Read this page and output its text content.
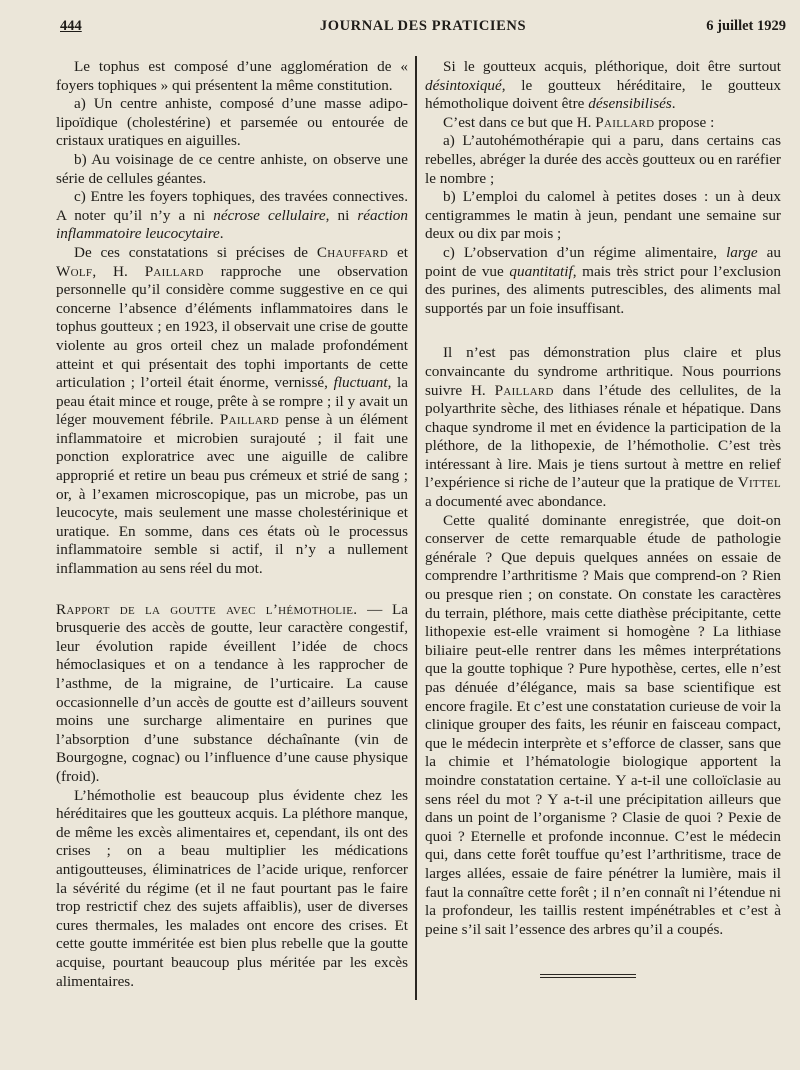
444	JOURNAL DES PRATICIENS	6 juillet 1929

Le tophus est composé d’une agglomération de « foyers tophiques » qui présentent la même constitution.

a) Un centre anhiste, composé d’une masse adipo-lipoïdique (cholestérine) et parsemée ou entourée de cristaux uratiques en aiguilles.

b) Au voisinage de ce centre anhiste, on observe une série de cellules géantes.

c) Entre les foyers tophiques, des travées connectives. A noter qu’il n’y a ni nécrose cellulaire, ni réaction inflammatoire leucocytaire.

De ces constatations si précises de Chauffard et Wolf, H. Paillard rapproche une observation personnelle qu’il considère comme suggestive en ce qui concerne l’absence d’éléments inflammatoires dans le tophus goutteux ; en 1923, il observait une crise de goutte violente au gros orteil chez un malade profondément atteint et qui présentait des tophi importants de cette articulation ; l’orteil était énorme, vernissé, fluctuant, la peau était mince et rouge, prête à se rompre ; il y avait un léger mouvement fébrile. Paillard pense à un élément inflammatoire et microbien surajouté ; il fait une ponction exploratrice avec une aiguille de calibre approprié et retire un beau pus crémeux et strié de sang ; or, à l’examen microscopique, pas un microbe, pas un leucocyte, mais seulement une masse cholestérinique et uratique. En somme, dans ces états où le processus inflammatoire semble si actif, il n’y a nullement inflammation au sens réel du mot.

Rapport de la goutte avec l’hémotholie. — La brusquerie des accès de goutte, leur caractère congestif, leur évolution rapide éveillent l’idée de chocs hémoclasiques et on a tendance à les rapprocher de l’asthme, de la migraine, de l’urticaire. La cause occasionnelle d’un accès de goutte est d’ailleurs souvent moins une surcharge alimentaire en purines que l’absorption d’une substance déchaînante (vin de Bourgogne, cognac) ou l’influence d’une cause physique (froid).

L’hémotholie est beaucoup plus évidente chez les héréditaires que les goutteux acquis. La pléthore manque, de même les excès alimentaires et, cependant, ils ont des crises ; on a beau multiplier les médications antigoutteuses, éliminatrices de l’acide urique, renforcer la sévérité du régime (et il ne faut pourtant pas le faire trop restrictif chez des sujets affaiblis), user de diverses cures thermales, les malades ont encore des crises. Et cette goutte imméritée est bien plus rebelle que la goutte acquise, pourtant beaucoup plus méritée par les excès alimentaires.

Si le goutteux acquis, pléthorique, doit être surtout désintoxiqué, le goutteux héréditaire, le goutteux hémotholique doivent être désensibilisés.

C’est dans ce but que H. Paillard propose :

a) L’autohémothérapie qui a paru, dans certains cas rebelles, abréger la durée des accès goutteux ou en raréfier le nombre ;

b) L’emploi du calomel à petites doses : un à deux centigrammes le matin à jeun, pendant une semaine sur deux ou dix par mois ;

c) L’observation d’un régime alimentaire, large au point de vue quantitatif, mais très strict pour l’exclusion des purines, des aliments putrescibles, des aliments mal supportés par un foie insuffisant.

Il n’est pas démonstration plus claire et plus convaincante du syndrome arthritique. Nous pourrions suivre H. Paillard dans l’étude des cellulites, de la polyarthrite sèche, des lithiases rénale et hépatique. Dans chaque syndrome il met en évidence la participation de la pléthore, de la lithopexie, de l’hémotholie. C’est très intéressant à lire. Mais je tiens surtout à mettre en relief l’expérience si riche de l’auteur que la pratique de Vittel a documenté avec abondance.

Cette qualité dominante enregistrée, que doit-on conserver de cette remarquable étude de pathologie générale ? Que depuis quelques années on essaie de comprendre l’arthritisme ? Mais que comprend-on ? Rien ou presque rien ; on constate. On constate les caractères du terrain, pléthore, mais cette diathèse précipitante, cette lithopexie est-elle vraiment si homogène ? La lithiase biliaire peut-elle rentrer dans les mêmes interprétations que la goutte tophique ? Pure hypothèse, certes, elle n’est pas dénuée d’élégance, mais sa base scientifique est encore fragile. Et c’est une constatation curieuse de voir la clinique grouper des faits, les réunir en faisceau compact, que le médecin interprète et s’efforce de classer, sans que la chimie et l’hématologie biologique apportent la moindre constatation certaine. Y a-t-il une colloïclasie au sens réel du mot ? Y a-t-il une précipitation ailleurs que dans un point de l’organisme ? Clasie de quoi ? Pexie de quoi ? Eternelle et profonde inconnue. C’est le médecin qui, dans cette forêt touffue qu’est l’arthritisme, trace de larges allées, essaie de faire pénétrer la lumière, mais il faut la connaître cette forêt ; il n’en connaît ni l’étendue ni la profondeur, les taillis restent impénétrables et c’est à peine s’il sait l’essence des arbres qu’il a coupés.
